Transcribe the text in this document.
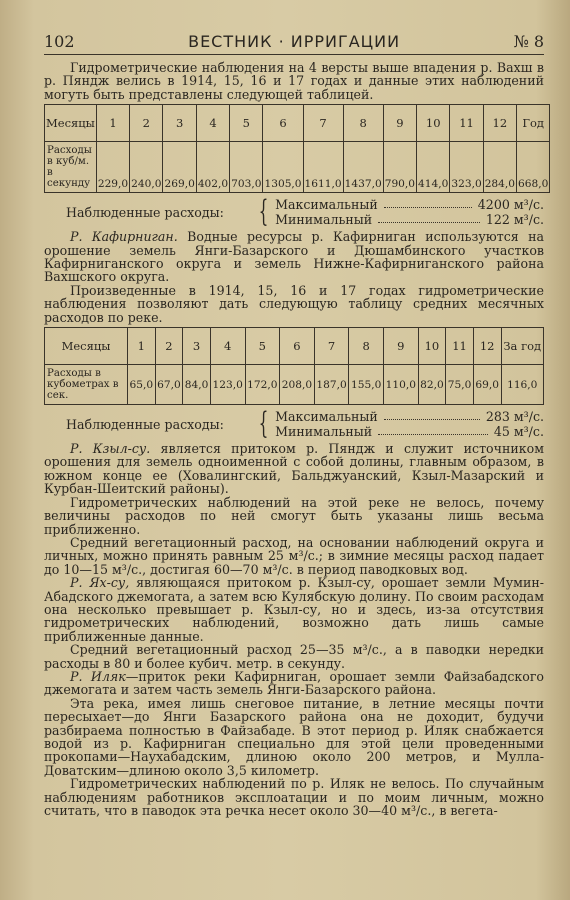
102	ВЕСТНИК · ИРРИГАЦИИ	№ 8

Гидрометрические наблюдения на 4 версты выше впадения р. Вахш в р. Пяндж велись в 1914, 15, 16 и 17 годах и данные этих наблюдений могуть быть представлены следующей таблицей.

Месяцы	1	2	3	4	5	6	7	8	9	10	11	12	Год
Расходы в куб/м. в секунду	229,0	240,0	269,0	402,0	703,0	1305,0	1611,0	1437,0	790,0	414,0	323,0	284,0	668,0
Наблюденные расходы:	{ Максимальный	4200 м³/с.
Минимальный	122 м³/с.

Р. Кафирниган. Водные ресурсы р. Кафирниган используются на орошение земель Янги-Базарского и Дюшамбинского участков Кафирниганского округа и земель Нижне-Кафирниганского района Вахшского округа.

Произведенные в 1914, 15, 16 и 17 годах гидрометрические наблюдения позволяют дать следующую таблицу средних месячных расходов по реке.

Месяцы	1	2	3	4	5	6	7	8	9	10	11	12	За год
Расходы в кубометрах в сек.	65,0	67,0	84,0	123,0	172,0	208,0	187,0	155,0	110,0	82,0	75,0	69,0	116,0
Наблюденные расходы:	{ Максимальный	283 м³/с.
Минимальный	45 м³/с.

Р. Кзыл-су. является притоком р. Пяндж и служит источником орошения для земель одноименной с собой долины, главным образом, в южном конце ее (Ховалингский, Бальджуанский, Кзыл-Мазарский и Курбан-Шеитский районы).

Гидрометрических наблюдений на этой реке не велось, почему величины расходов по ней смогут быть указаны лишь весьма приближенно.

Средний вегетационный расход, на основании наблюдений округа и личных, можно принять равным 25 м³/с.; в зимние месяцы расход падает до 10—15 м³/с., достигая 60—70 м³/с. в период паводковых вод.

Р. Ях-су, являющаяся притоком р. Кзыл-су, орошает земли Мумин-Абадского джемогата, а затем всю Кулябскую долину. По своим расходам она несколько превышает р. Кзыл-су, но и здесь, из-за отсутствия гидрометрических наблюдений, возможно дать лишь самые приближенные данные.

Средний вегетационный расход 25—35 м³/с., а в паводки нередки расходы в 80 и более кубич. метр. в секунду.

Р. Иляк—приток реки Кафирниган, орошает земли Файзабадского джемогата и затем часть земель Янги-Базарского района.

Эта река, имея лишь снеговое питание, в летние месяцы почти пересыхает—до Янги Базарского района она не доходит, будучи разбираема полностью в Файзабаде. В этот период р. Иляк снабжается водой из р. Кафирниган специально для этой цели проведенными прокопами—Наухабадским, длиною около 200 метров, и Мулла-Доватским—длиною около 3,5 километр.

Гидрометрических наблюдений по р. Иляк не велось. По случайным наблюдениям работников эксплоатации и по моим личным, можно считать, что в паводок эта речка несет около 30—40 м³/с., в вегета-
